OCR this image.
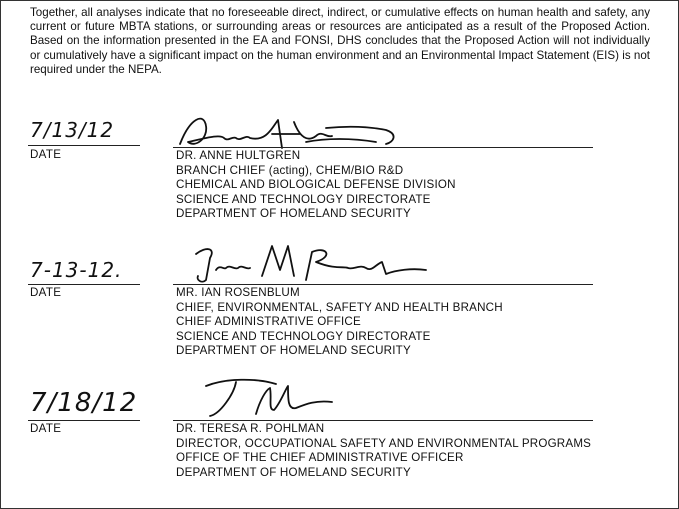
Together, all analyses indicate that no foreseeable direct, indirect, or cumulative effects on human health and safety, any current or future MBTA stations, or surrounding areas or resources are anticipated as a result of the Proposed Action. Based on the information presented in the EA and FONSI, DHS concludes that the Proposed Action will not individually or cumulatively have a significant impact on the human environment and an Environmental Impact Statement (EIS) is not required under the NEPA.
7/13/12
DATE	DR. ANNE HULTGREN
BRANCH CHIEF (acting), CHEM/BIO R&D
CHEMICAL AND BIOLOGICAL DEFENSE DIVISION
SCIENCE AND TECHNOLOGY DIRECTORATE
DEPARTMENT OF HOMELAND SECURITY
7-13-12.
DATE	MR. IAN ROSENBLUM
CHIEF, ENVIRONMENTAL, SAFETY AND HEALTH BRANCH
CHIEF ADMINISTRATIVE OFFICE
SCIENCE AND TECHNOLOGY DIRECTORATE
DEPARTMENT OF HOMELAND SECURITY
7/18/12
DATE	DR. TERESA R. POHLMAN
DIRECTOR, OCCUPATIONAL SAFETY AND ENVIRONMENTAL PROGRAMS
OFFICE OF THE CHIEF ADMINISTRATIVE OFFICER
DEPARTMENT OF HOMELAND SECURITY
